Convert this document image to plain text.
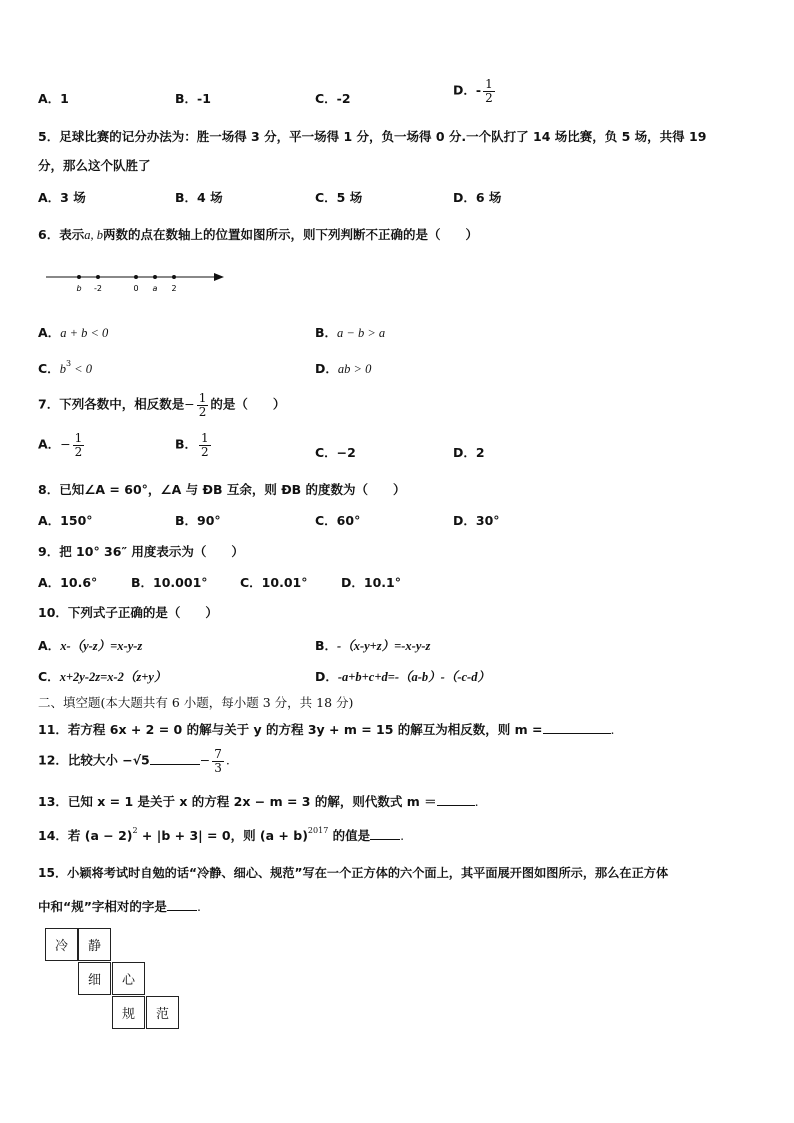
A．1	B．-1	C．-2
D．- $\frac{1}{2}$
5．足球比赛的记分办法为：胜一场得 3 分，平一场得 1 分，负一场得 0 分.一个队打了 14 场比赛，负 5 场，共得 19
分，那么这个队胜了
A．3 场	B．4 场	C．5 场	D．6 场
6．表示a, b两数的点在数轴上的位置如图所示，则下列判断不正确的是（　　）
b -2	0 a 2
A．a + b < 0	B．a − b > a
C．$b^3 < 0$	D．ab > 0
7．下列各数中，相反数是− $\frac{1}{2}$ 的是（　　）
A．− $\frac{1}{2}$	B． $\frac{1}{2}$	C．−2	D．2
8．已知∠A = 60°，∠A 与 ÐB 互余，则 ÐB 的度数为（　　）
A．150°	B．90°	C．60°	D．30°
9．把 10° 36″ 用度表示为（　　）
A．10.6°	B．10.001°	C．10.01°	D．10.1°
10．下列式子正确的是（　　）
A．x-（y-z）=x-y-z	B．-（x-y+z）=-x-y-z
C．x+2y-2z=x-2（z+y）	D．-a+b+c+d=-（a-b）-（-c-d）
二、填空题(本大题共有 6 小题，每小题 3 分，共 18 分)
11．若方程 6x + 2 = 0 的解与关于 y 的方程 3y + m = 15 的解互为相反数，则 m =	.
12．比较大小 −√5	− $\frac{7}{3}$ .
13．已知 x = 1 是关于 x 的方程 2x − m = 3 的解，则代数式 m ＝	.
14．若 $(a - 2)^2 + |b + 3| = 0$，则 $(a + b)^{2017}$ 的值是 .
15．小颖将考试时自勉的话“冷静、细心、规范”写在一个正方体的六个面上，其平面展开图如图所示，那么在正方体
中和“规”字相对的字是 .
冷	静
细	心
规	范
